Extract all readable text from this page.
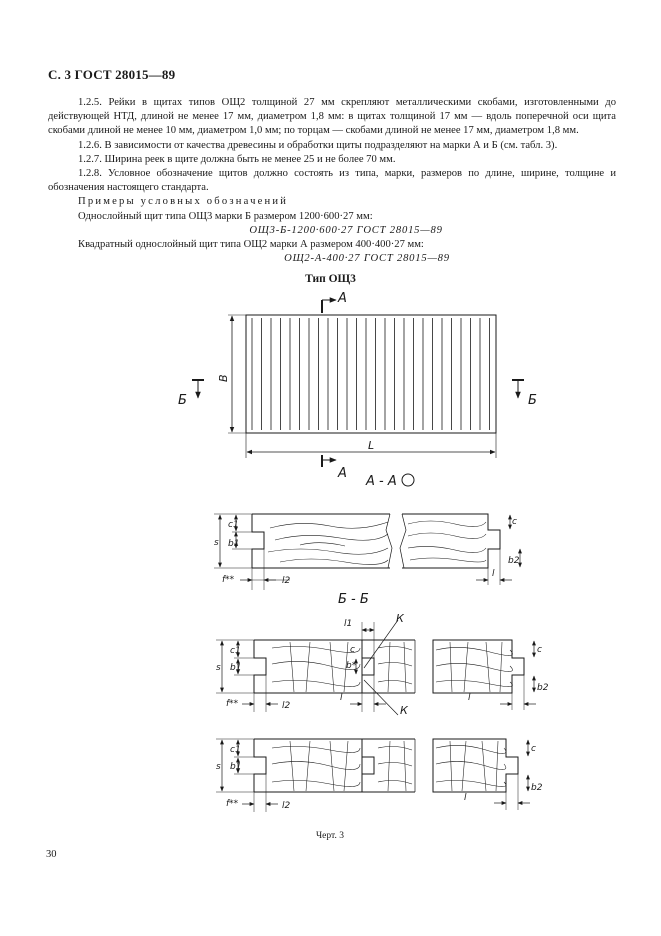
С. 3 ГОСТ 28015—89

1.2.5. Рейки в щитах типов ОЩ2 толщиной 27 мм скрепляют металлическими скобами, изготовленными до действующей НТД, длиной не менее 17 мм, диаметром 1,8 мм: в щитах толщиной 17 мм — вдоль поперечной оси щита скобами длиной не менее 10 мм, диаметром 1,0 мм; по торцам — скобами длиной не менее 17 мм, диаметром 1,8 мм.

1.2.6. В зависимости от качества древесины и обработки щиты подразделяют на марки А и Б (см. табл. 3).

1.2.7. Ширина реек в щите должна быть не менее 25 и не более 70 мм.

1.2.8. Условное обозначение щитов должно состоять из типа, марки, размеров по длине, ширине, толщине и обозначения настоящего стандарта.

Примеры условных обозначений

Однослойный щит типа ОЩ3 марки Б размером 1200·600·27 мм:

ОЩ3-Б-1200·600·27 ГОСТ 28015—89

Квадратный однослойный щит типа ОЩ2 марки А размером 400·400·27 мм:

ОЩ2-А-400·27 ГОСТ 28015—89

Тип ОЩ3
А
А
Б	Б
B
L
А - А
s b1
c1
f**	l2
c
b2
l
Б - Б
s b1
c1
f**	l2
l1
l
b*
c
К
К
c
b2
l
s b1
c1
f**	l2
c
b2
l
Черт. 3
30
